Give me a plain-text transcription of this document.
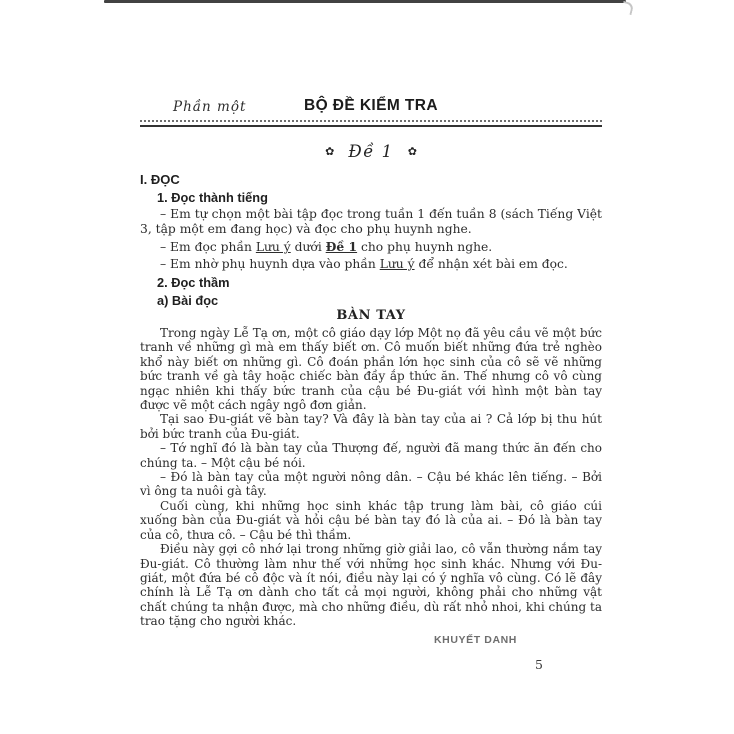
Phần một	BỘ ĐỀ KIỂM TRA
✿ Đề 1 ✿
I. ĐỌC
1. Đọc thành tiếng

– Em tự chọn một bài tập đọc trong tuần 1 đến tuần 8 (sách Tiếng Việt 3, tập một em đang học) và đọc cho phụ huynh nghe.

– Em đọc phần Lưu ý dưới Đề 1 cho phụ huynh nghe.

– Em nhờ phụ huynh dựa vào phần Lưu ý để nhận xét bài em đọc.

2. Đọc thầm
a) Bài đọc
BÀN TAY

Trong ngày Lễ Tạ ơn, một cô giáo dạy lớp Một nọ đã yêu cầu vẽ một bức tranh về những gì mà em thấy biết ơn. Cô muốn biết những đứa trẻ nghèo khổ này biết ơn những gì. Cô đoán phần lớn học sinh của cô sẽ vẽ những bức tranh về gà tây hoặc chiếc bàn đầy ắp thức ăn. Thế nhưng cô vô cùng ngạc nhiên khi thấy bức tranh của cậu bé Đu-giát với hình một bàn tay được vẽ một cách ngây ngô đơn giản.

Tại sao Đu-giát vẽ bàn tay? Và đây là bàn tay của ai ? Cả lớp bị thu hút bởi bức tranh của Đu-giát.

– Tớ nghĩ đó là bàn tay của Thượng đế, người đã mang thức ăn đến cho chúng ta. – Một cậu bé nói.

– Đó là bàn tay của một người nông dân. – Cậu bé khác lên tiếng. – Bởi vì ông ta nuôi gà tây.

Cuối cùng, khi những học sinh khác tập trung làm bài, cô giáo cúi xuống bàn của Đu-giát và hỏi cậu bé bàn tay đó là của ai. – Đó là bàn tay của cô, thưa cô. – Cậu bé thì thầm.

Điều này gợi cô nhớ lại trong những giờ giải lao, cô vẫn thường nắm tay Đu-giát. Cô thường làm như thế với những học sinh khác. Nhưng với Đu-giát, một đứa bé cô độc và ít nói, điều này lại có ý nghĩa vô cùng. Có lẽ đây chính là Lễ Tạ ơn dành cho tất cả mọi người, không phải cho những vật chất chúng ta nhận được, mà cho những điều, dù rất nhỏ nhoi, khi chúng ta trao tặng cho người khác.

KHUYẾT DANH
5
